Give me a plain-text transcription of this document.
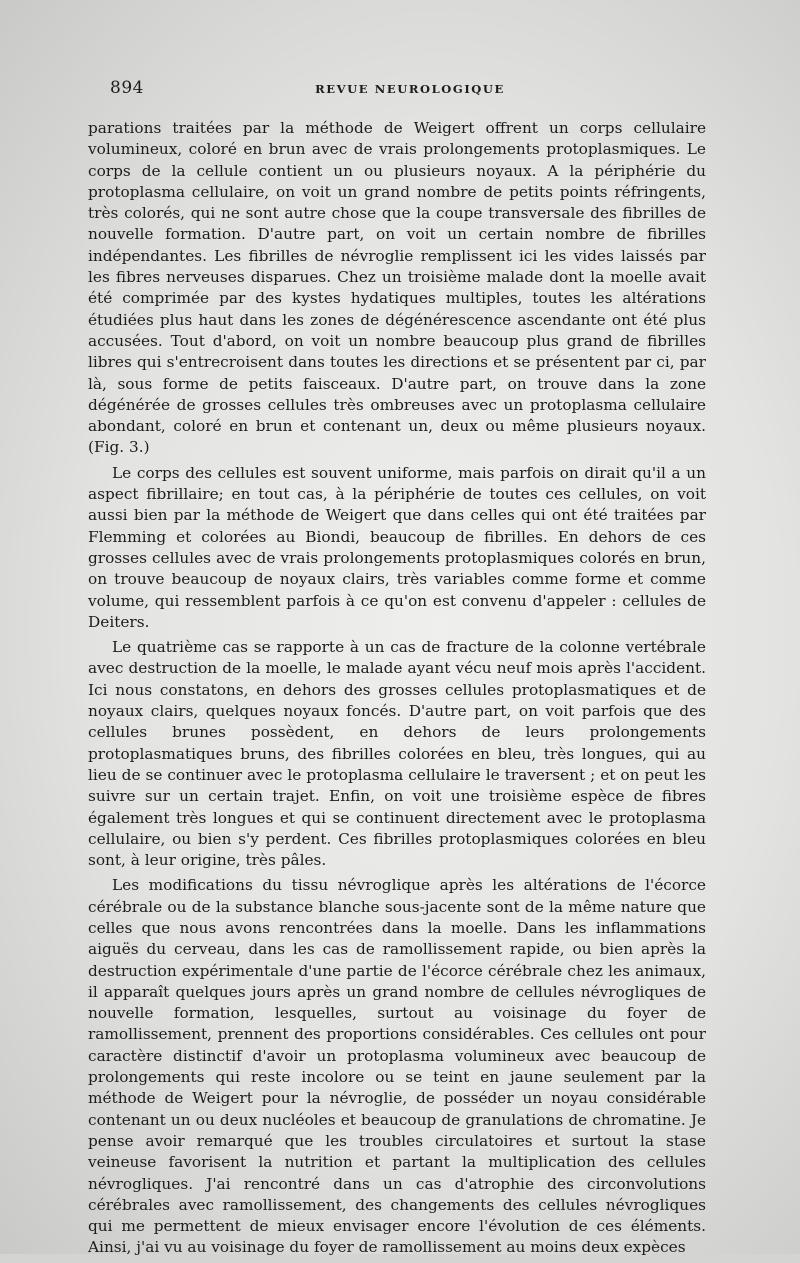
894	REVUE NEUROLOGIQUE

parations traitées par la méthode de Weigert offrent un corps cellulaire volumineux, coloré en brun avec de vrais prolongements protoplasmiques. Le corps de la cellule contient un ou plusieurs noyaux. A la périphérie du protoplasma cellulaire, on voit un grand nombre de petits points réfringents, très colorés, qui ne sont autre chose que la coupe transversale des fibrilles de nouvelle formation. D'autre part, on voit un certain nombre de fibrilles indépendantes. Les fibrilles de névroglie remplissent ici les vides laissés par les fibres nerveuses disparues. Chez un troisième malade dont la moelle avait été comprimée par des kystes hydatiques multiples, toutes les altérations étudiées plus haut dans les zones de dégénérescence ascendante ont été plus accusées. Tout d'abord, on voit un nombre beaucoup plus grand de fibrilles libres qui s'entrecroisent dans toutes les directions et se présentent par ci, par là, sous forme de petits faisceaux. D'autre part, on trouve dans la zone dégénérée de grosses cellules très ombreuses avec un protoplasma cellulaire abondant, coloré en brun et contenant un, deux ou même plusieurs noyaux. (Fig. 3.)

Le corps des cellules est souvent uniforme, mais parfois on dirait qu'il a un aspect fibrillaire; en tout cas, à la périphérie de toutes ces cellules, on voit aussi bien par la méthode de Weigert que dans celles qui ont été traitées par Flemming et colorées au Biondi, beaucoup de fibrilles. En dehors de ces grosses cellules avec de vrais prolongements protoplasmiques colorés en brun, on trouve beaucoup de noyaux clairs, très variables comme forme et comme volume, qui ressemblent parfois à ce qu'on est convenu d'appeler : cellules de Deiters.

Le quatrième cas se rapporte à un cas de fracture de la colonne vertébrale avec destruction de la moelle, le malade ayant vécu neuf mois après l'accident. Ici nous constatons, en dehors des grosses cellules protoplasmatiques et de noyaux clairs, quelques noyaux foncés. D'autre part, on voit parfois que des cellules brunes possèdent, en dehors de leurs prolongements protoplasmatiques bruns, des fibrilles colorées en bleu, très longues, qui au lieu de se continuer avec le protoplasma cellulaire le traversent ; et on peut les suivre sur un certain trajet. Enfin, on voit une troisième espèce de fibres également très longues et qui se continuent directement avec le protoplasma cellulaire, ou bien s'y perdent. Ces fibrilles protoplasmiques colorées en bleu sont, à leur origine, très pâles.

Les modifications du tissu névroglique après les altérations de l'écorce cérébrale ou de la substance blanche sous-jacente sont de la même nature que celles que nous avons rencontrées dans la moelle. Dans les inflammations aiguës du cerveau, dans les cas de ramollissement rapide, ou bien après la destruction expérimentale d'une partie de l'écorce cérébrale chez les animaux, il apparaît quelques jours après un grand nombre de cellules névrogliques de nouvelle formation, lesquelles, surtout au voisinage du foyer de ramollissement, prennent des proportions considérables. Ces cellules ont pour caractère distinctif d'avoir un protoplasma volumineux avec beaucoup de prolongements qui reste incolore ou se teint en jaune seulement par la méthode de Weigert pour la névroglie, de posséder un noyau considérable contenant un ou deux nucléoles et beaucoup de granulations de chromatine. Je pense avoir remarqué que les troubles circulatoires et surtout la stase veineuse favorisent la nutrition et partant la multiplication des cellules névrogliques. J'ai rencontré dans un cas d'atrophie des circonvolutions cérébrales avec ramollissement, des changements des cellules névrogliques qui me permettent de mieux envisager encore l'évolution de ces éléments. Ainsi, j'ai vu au voisinage du foyer de ramollissement au moins deux expèces
